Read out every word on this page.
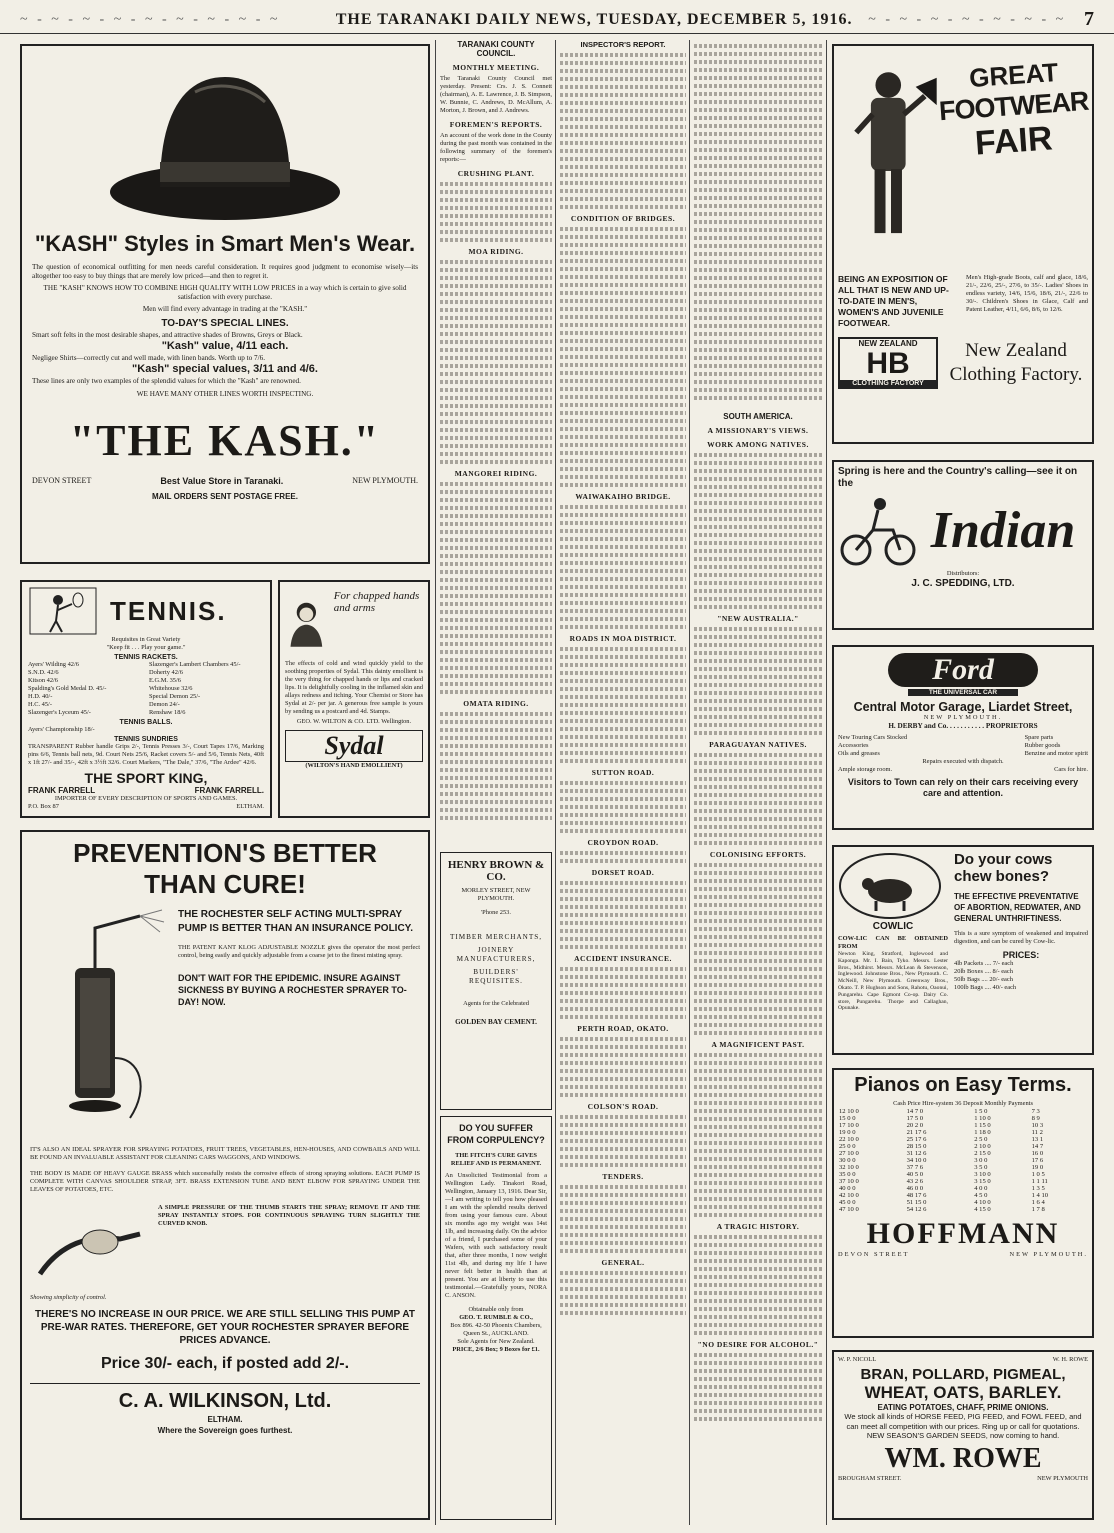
~ - ~ - ~ - ~ - ~ - ~ - ~ - ~ - ~	THE TARANAKI DAILY NEWS, TUESDAY, DECEMBER 5, 1916. ~ - ~ - ~ - ~ - ~ - ~ - ~ 7
"KASH" Styles in Smart Men's Wear.
The question of economical outfitting for men needs careful consideration. It requires good judgment to economise wisely—its altogether too easy to buy things that are merely low priced—and then to regret it.
THE "KASH" KNOWS HOW TO COMBINE HIGH QUALITY WITH LOW PRICES in a way which is certain to give solid satisfaction with every purchase.
Men will find every advantage in trading at the "KASH."
TO-DAY'S SPECIAL LINES.
Smart soft felts in the most desirable shapes, and attractive shades of Browns, Greys or Black.
"Kash" value, 4/11 each.
Negligee Shirts—correctly cut and well made, with linen bands. Worth up to 7/6.
"Kash" special values, 3/11 and 4/6.
These lines are only two examples of the splendid values for which the "Kash" are renowned.
WE HAVE MANY OTHER LINES WORTH INSPECTING.
"THE KASH."
DEVON STREET	Best Value Store in Taranaki.	NEW PLYMOUTH.
MAIL ORDERS SENT POSTAGE FREE.
TENNIS.
Requisites in Great Variety
"Keep fit . . . Play your game."
TENNIS RACKETS.
Ayers' Wilding 42/6	Slazenger's Lambert Chambers 45/-
S.N.D. 42/6	Doherty 42/6
Kitson 42/6	E.G.M. 35/6
Spalding's Gold Medal D. 45/-	Whitehouse 32/6
H.D. 40/-	Special Demon 25/-
H.C. 45/-	Demon 24/-
Slazenger's Lyceum 45/-	Renshaw 18/6
TENNIS BALLS.
Ayers' Championship 18/-
TENNIS SUNDRIES
TRANSPARENT Rubber handle Grips 2/-, Tennis Presses 3/-, Court Tapes 17/6, Marking pins 6/6, Tennis ball nets, 9d. Court Nets 25/6, Racket covers 5/- and 5/6, Tennis Nets, 40ft x 1ft 27/- and 35/-, 42ft x 3½ft 32/6. Court Markers, "The Dale," 37/6, "The Ardee" 42/6.
THE SPORT KING,
FRANK FARRELL	FRANK FARRELL.
IMPORTER OF EVERY DESCRIPTION OF SPORTS AND GAMES.
P.O. Box 87	ELTHAM.
For chapped hands and arms
The effects of cold and wind quickly yield to the soothing properties of Sydal. This dainty emollient is the very thing for chapped hands or lips and cracked lips. It is delightfully cooling in the inflamed skin and allays redness and itching. Your Chemist or Store has Sydal at 2/- per jar. A generous free sample is yours by sending us a postcard and 4d. Stamps.
GEO. W. WILTON & CO. LTD. Wellington.
Sydal
(WILTON'S HAND EMOLLIENT)
PREVENTION'S BETTER
THAN CURE!
THE ROCHESTER SELF ACTING MULTI-SPRAY PUMP IS BETTER THAN AN INSURANCE POLICY.
THE PATENT KANT KLOG ADJUSTABLE NOZZLE gives the operator the most perfect control, being easily and quickly adjustable from a coarse jet to the finest misting spray.
DON'T WAIT FOR THE EPIDEMIC. INSURE AGAINST SICKNESS BY BUYING A ROCHESTER SPRAYER TO-DAY! NOW.
IT'S ALSO AN IDEAL SPRAYER FOR SPRAYING POTATOES, FRUIT TREES, VEGETABLES, HEN-HOUSES, AND COWBAILS AND WILL BE FOUND AN INVALUABLE ASSISTANT FOR CLEANING CARS WAGGONS, AND WINDOWS.
THE BODY IS MADE OF HEAVY GAUGE BRASS which successfully resists the corrosive effects of strong spraying solutions. EACH PUMP IS COMPLETE WITH CANVAS SHOULDER STRAP, 3FT. BRASS EXTENSION TUBE AND BENT ELBOW FOR SPRAYING UNDER THE LEAVES OF POTATOES, ETC.
A SIMPLE PRESSURE OF THE THUMB STARTS THE SPRAY; REMOVE IT AND THE SPRAY INSTANTLY STOPS. FOR CONTINUOUS SPRAYING TURN SLIGHTLY THE CURVED KNOB.
Showing simplicity of control.
THERE'S NO INCREASE IN OUR PRICE. WE ARE STILL SELLING THIS PUMP AT PRE-WAR RATES. THEREFORE, GET YOUR ROCHESTER SPRAYER BEFORE PRICES ADVANCE.
Price 30/- each, if posted add 2/-.
C. A. WILKINSON, Ltd.
ELTHAM.
Where the Sovereign goes furthest.
TARANAKI COUNTY COUNCIL.
MONTHLY MEETING.
The Taranaki County Council met yesterday. Present: Crs. J. S. Connett (chairman), A. E. Lawrence, J. B. Simpson, W. Bunnie, C. Andrews, D. McAllum, A. Morton, J. Brown, and J. Andrews.
FOREMEN'S REPORTS.
An account of the work done in the County during the past month was contained in the following summary of the foremen's reports:—
CRUSHING PLANT.
MOA RIDING.
MANGOREI RIDING.
OMATA RIDING.
INSPECTOR'S REPORT.
CONDITION OF BRIDGES.
WAIWAKAIHO BRIDGE.
ROADS IN MOA DISTRICT.
SUTTON ROAD.
CROYDON ROAD.
DORSET ROAD.
ACCIDENT INSURANCE.
PERTH ROAD, OKATO.
COLSON'S ROAD.
TENDERS.
GENERAL.
SOUTH AMERICA.
A MISSIONARY'S VIEWS.
WORK AMONG NATIVES.
"NEW AUSTRALIA."
PARAGUAYAN NATIVES.
COLONISING EFFORTS.
A MAGNIFICENT PAST.
A TRAGIC HISTORY.
"NO DESIRE FOR ALCOHOL."
HENRY BROWN & CO.
MORLEY STREET, NEW PLYMOUTH.
'Phone 253.
TIMBER MERCHANTS,
JOINERY MANUFACTURERS,
BUILDERS' REQUISITES.
Agents for the Celebrated
GOLDEN BAY CEMENT.
DO YOU SUFFER FROM CORPULENCY?
THE FITCH'S CURE GIVES RELIEF AND IS PERMANENT.
An Unsolicited Testimonial from a Wellington Lady. Tinakori Road, Wellington, January 13, 1916. Dear Sir,—I am writing to tell you how pleased I am with the splendid results derived from using your famous cure. About six months ago my weight was 14st 1lb, and increasing daily. On the advice of a friend, I purchased some of your Wafers, with such satisfactory result that, after three months, I now weight 11st 4lb, and during my life I have never felt better in health than at present. You are at liberty to use this testimonial.—Gratefully yours, NORA C. ANSON.
Obtainable only from
GEO. T. RUMBLE & CO.,
Box 896. 42-50 Phoenix Chambers, Queen St., AUCKLAND.
Sole Agents for New Zealand.
PRICE, 2/6 Box; 9 Boxes for £1.
GREAT
FOOTWEAR
FAIR
BEING AN EXPOSITION OF ALL THAT IS NEW AND UP-TO-DATE IN MEN'S, WOMEN'S AND JUVENILE FOOTWEAR.
Men's High-grade Boots, calf and glace, 18/6, 21/-, 22/6, 25/-, 27/6, to 35/-. Ladies' Shoes in endless variety, 14/6, 15/6, 18/6, 21/-, 22/6 to 30/-. Children's Shoes in Glace, Calf and Patent Leather, 4/11, 6/6, 8/6, to 12/6.
NEW ZEALAND
HB
CLOTHING FACTORY
New Zealand Clothing Factory.
Spring is here and the Country's calling—see it on the
Indian
Distributors:
J. C. SPEDDING, LTD.
Ford
THE UNIVERSAL CAR
Central Motor Garage, Liardet Street,
NEW PLYMOUTH.
H. DERBY and Co. . . . . . . . . . . PROPRIETORS
New Touring Cars Stocked
Accessories
Oils and greases
Spare parts
Rubber goods
Benzine and motor spirit
Repairs executed with dispatch.
Ample storage room.	Cars for hire.
Visitors to Town can rely on their cars receiving every care and attention.
COWLIC
COW-LIC CAN BE OBTAINED FROM
Newton King, Stratford, Inglewood and Kaponga. Mr. I. Bain, Tyko. Messrs. Lester Bros., Midhirst. Messrs. McLean & Stevenson, Inglewood. Johnstone Bros., New Plymouth. C. McNeill, New Plymouth. Greenway Bros., Okato. T. P. Hughson and Sons, Rahotu, Oaonui, Pungarehu. Cape Egmont Co-op. Dairy Co. store, Pungarehu. Thorpe and Callaghan, Opunake.
Do your cows chew bones?
THE EFFECTIVE PREVENTATIVE OF ABORTION, REDWATER, AND GENERAL UNTHRIFTINESS.
This is a sure symptom of weakened and impaired digestion, and can be cured by Cow-lic.
PRICES:
4lb Packets .... 7/- each
20lb Boxes .... 8/- each
50lb Bags .... 20/- each
100lb Bags .... 40/- each
Pianos on Easy Terms.
Cash Price Hire-system 36 Deposit Monthly Payments
12 10 0	14 7 0	1 5 0	7 3
15 0 0	17 5 0	1 10 0	8 9
17 10 0	20 2 0	1 15 0	10 3
19 0 0	21 17 6	1 18 0	11 2
22 10 0	25 17 6	2 5 0	13 1
25 0 0	28 15 0	2 10 0	14 7
27 10 0	31 12 6	2 15 0	16 0
30 0 0	34 10 0	3 0 0	17 6
32 10 0	37 7 6	3 5 0	19 0
35 0 0	40 5 0	3 10 0	1 0 5
37 10 0	43 2 6	3 15 0	1 1 11
40 0 0	46 0 0	4 0 0	1 3 5
42 10 0	48 17 6	4 5 0	1 4 10
45 0 0	51 15 0	4 10 0	1 6 4
47 10 0	54 12 6	4 15 0	1 7 8
HOFFMANN
DEVON STREET	NEW PLYMOUTH.
W. P. NICOLL	W. H. ROWE
BRAN, POLLARD, PIGMEAL,
WHEAT, OATS, BARLEY.
EATING POTATOES, CHAFF, PRIME ONIONS.
We stock all kinds of HORSE FEED, PIG FEED, and FOWL FEED, and can meet all competition with our prices. Ring up or call for quotations.
NEW SEASON'S GARDEN SEEDS, now coming to hand.
WM. ROWE
BROUGHAM STREET.	NEW PLYMOUTH
